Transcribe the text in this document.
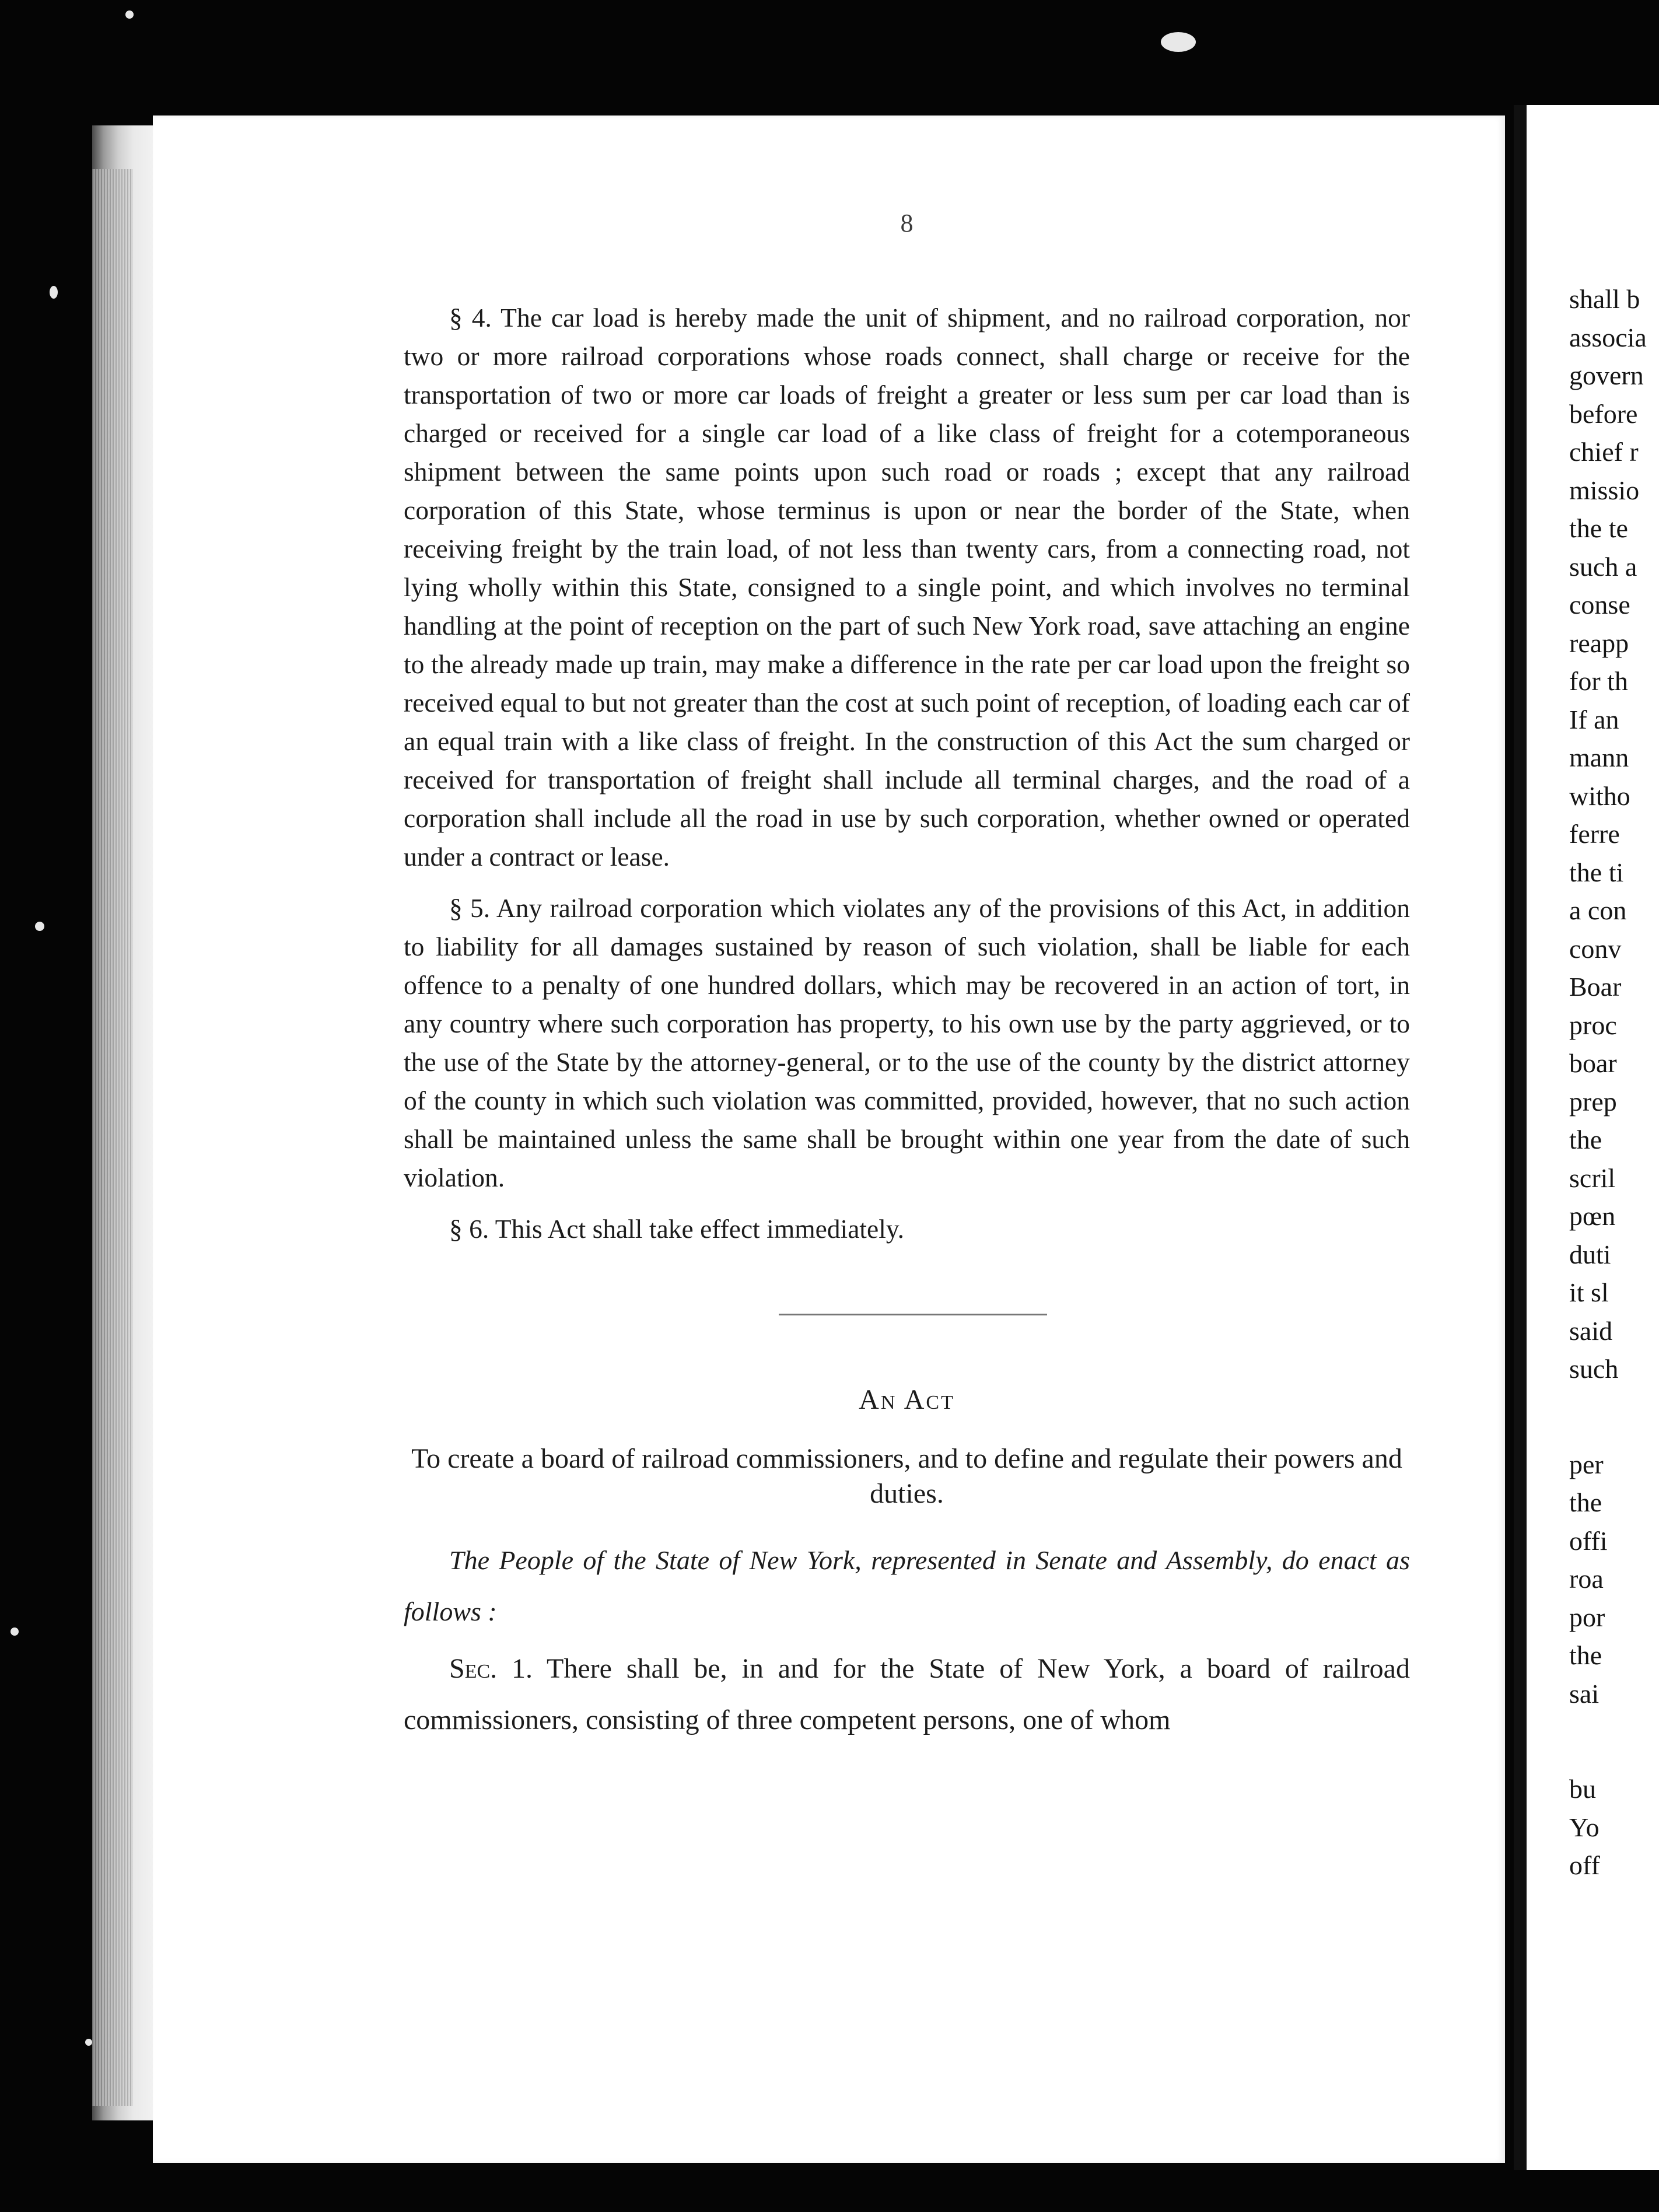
shall b
associa
govern
before
chief r
missio
the te
such a
conse
reapp
for th
If an
mann
witho
ferre
the ti
a con
conv
Boar
proc
boar
prep
the
scril
pœn
duti
it sl
said
such
per
the
offi
roa
por
the
sai
bu
Yo
off
8

§ 4. The car load is hereby made the unit of shipment, and no railroad corporation, nor two or more railroad corporations whose roads connect, shall charge or receive for the transportation of two or more car loads of freight a greater or less sum per car load than is charged or received for a single car load of a like class of freight for a cotemporaneous shipment between the same points upon such road or roads ; except that any railroad corporation of this State, whose terminus is upon or near the border of the State, when receiving freight by the train load, of not less than twenty cars, from a connecting road, not lying wholly within this State, consigned to a single point, and which involves no terminal handling at the point of reception on the part of such New York road, save attaching an engine to the already made up train, may make a difference in the rate per car load upon the freight so received equal to but not greater than the cost at such point of reception, of loading each car of an equal train with a like class of freight. In the construction of this Act the sum charged or received for transportation of freight shall include all terminal charges, and the road of a corporation shall include all the road in use by such corporation, whether owned or operated under a contract or lease.

§ 5. Any railroad corporation which violates any of the provisions of this Act, in addition to liability for all damages sustained by reason of such violation, shall be liable for each offence to a penalty of one hundred dollars, which may be recovered in an action of tort, in any country where such corporation has property, to his own use by the party aggrieved, or to the use of the State by the attorney-general, or to the use of the county by the district attorney of the county in which such violation was committed, provided, however, that no such action shall be maintained unless the same shall be brought within one year from the date of such violation.

§ 6. This Act shall take effect immediately.

An Act
To create a board of railroad commissioners, and to define and regulate their powers and duties.

The People of the State of New York, represented in Senate and Assembly, do enact as follows :

Sec. 1. There shall be, in and for the State of New York, a board of railroad commissioners, consisting of three competent persons, one of whom
